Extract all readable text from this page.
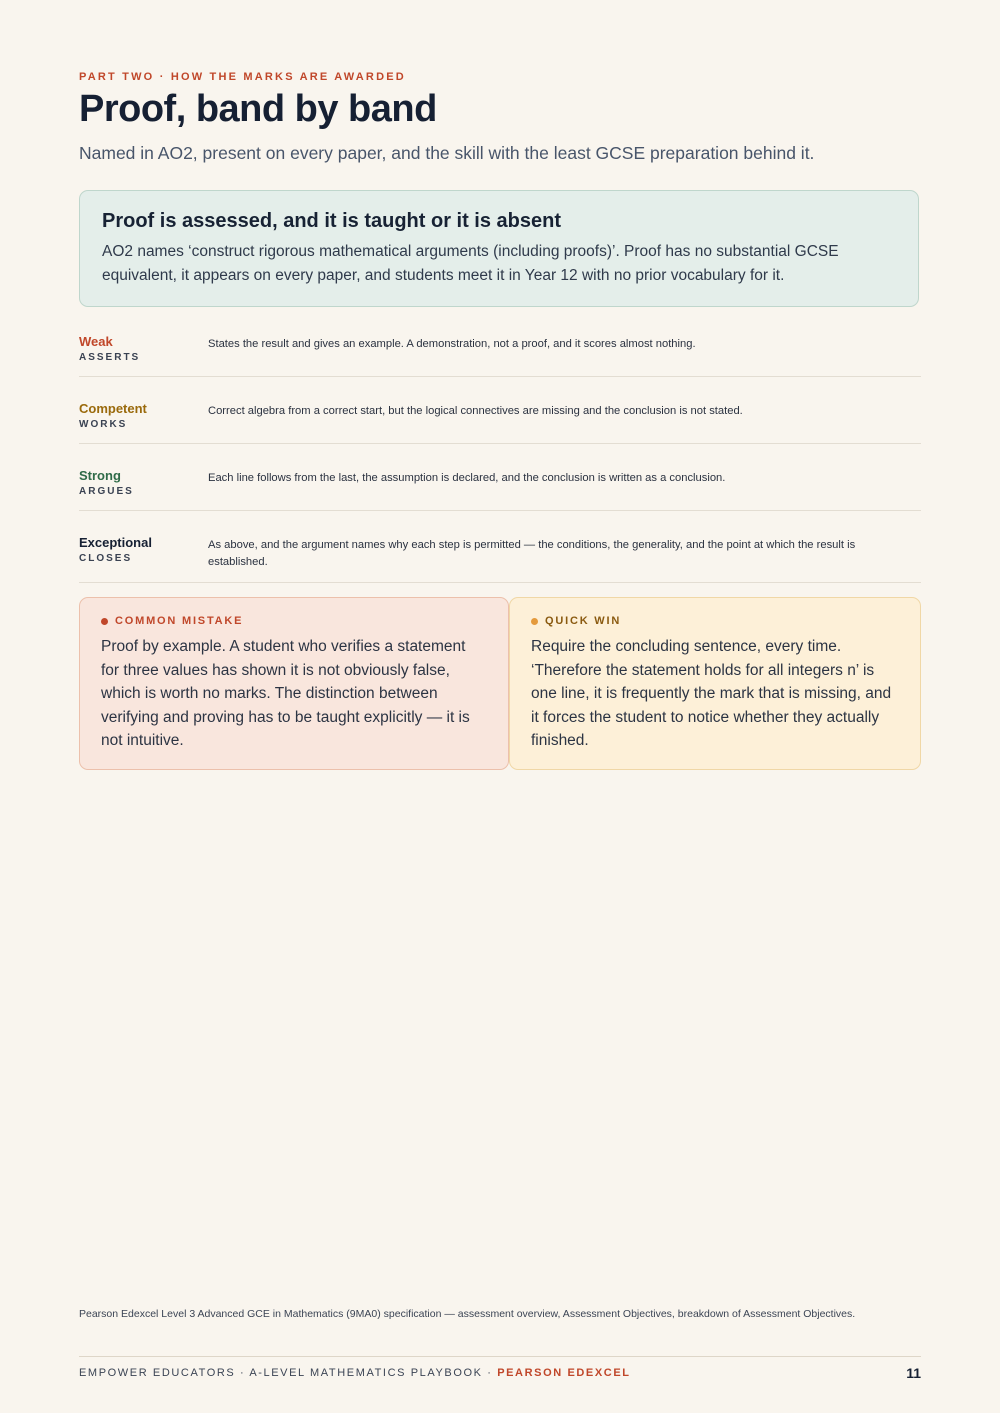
PART TWO · HOW THE MARKS ARE AWARDED
Proof, band by band
Named in AO2, present on every paper, and the skill with the least GCSE preparation behind it.
Proof is assessed, and it is taught or it is absent
AO2 names ‘construct rigorous mathematical arguments (including proofs)’. Proof has no substantial GCSE equivalent, it appears on every paper, and students meet it in Year 12 with no prior vocabulary for it.
Weak
ASSERTS
States the result and gives an example. A demonstration, not a proof, and it scores almost nothing.
Competent
WORKS
Correct algebra from a correct start, but the logical connectives are missing and the conclusion is not stated.
Strong
ARGUES
Each line follows from the last, the assumption is declared, and the conclusion is written as a conclusion.
Exceptional
CLOSES
As above, and the argument names why each step is permitted — the conditions, the generality, and the point at which the result is established.
COMMON MISTAKE
Proof by example. A student who verifies a statement for three values has shown it is not obviously false, which is worth no marks. The distinction between verifying and proving has to be taught explicitly — it is not intuitive.
QUICK WIN
Require the concluding sentence, every time. ‘Therefore the statement holds for all integers n’ is one line, it is frequently the mark that is missing, and it forces the student to notice whether they actually finished.
Pearson Edexcel Level 3 Advanced GCE in Mathematics (9MA0) specification — assessment overview, Assessment Objectives, breakdown of Assessment Objectives.
EMPOWER EDUCATORS · A-LEVEL MATHEMATICS PLAYBOOK · PEARSON EDEXCEL	11
